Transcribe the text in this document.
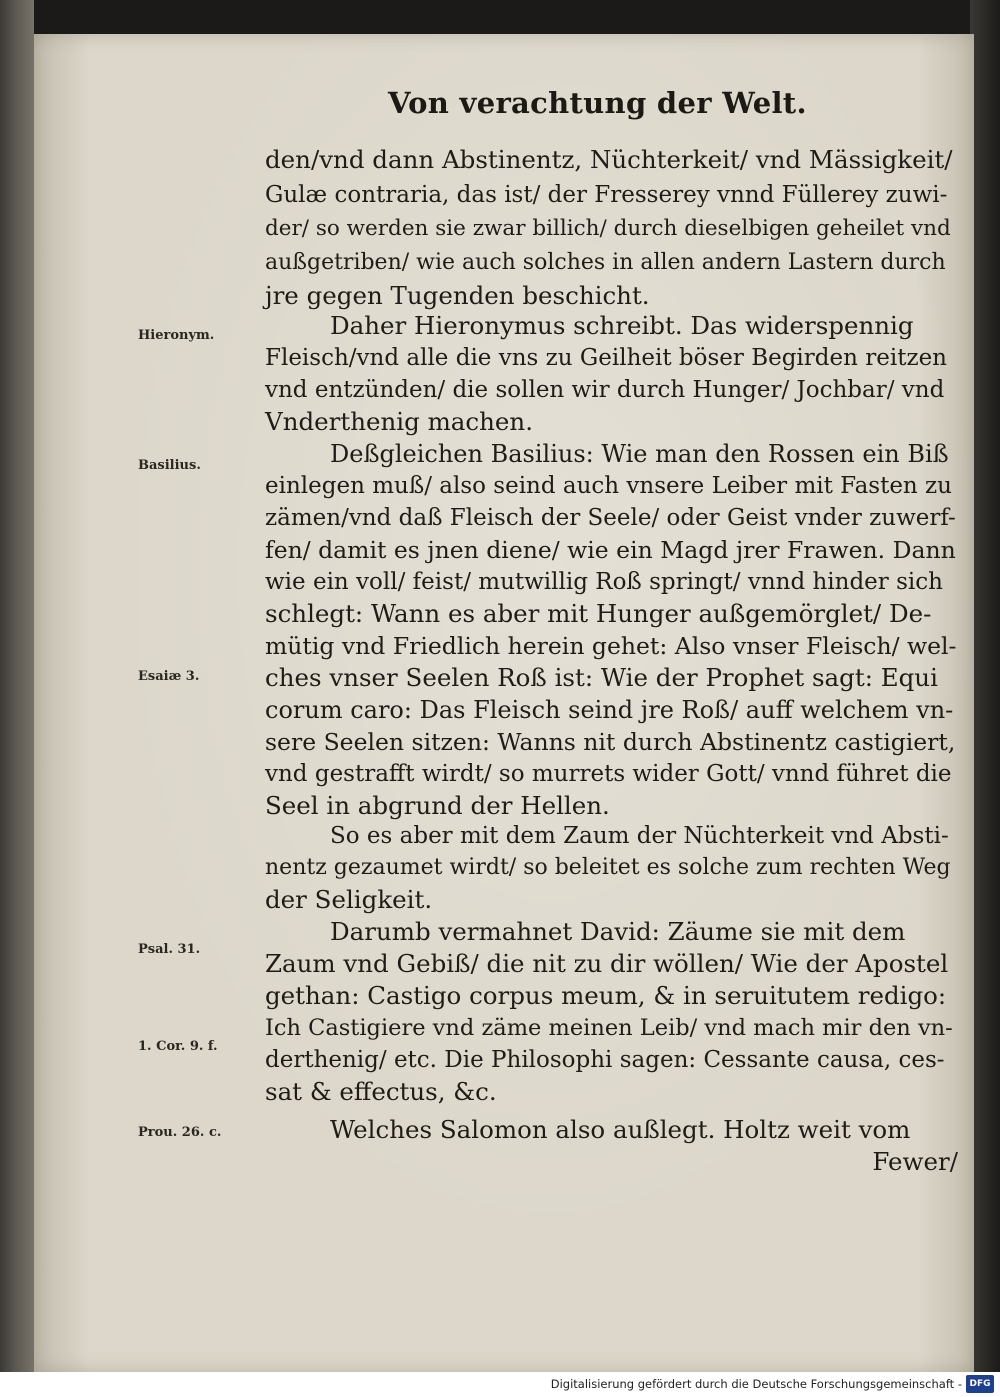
Von verachtung der Welt.
den/vnd dann Abstinentz, Nüchterkeit/ vnd Mässigkeit/
Gulæ contraria, das ist/ der Fresserey vnnd Füllerey zuwi-
der/ so werden sie zwar billich/ durch dieselbigen geheilet vnd
außgetriben/ wie auch solches in allen andern Lastern durch
jre gegen Tugenden beschicht.
Daher Hieronymus schreibt. Das widerspennig
Fleisch/vnd alle die vns zu Geilheit böser Begirden reitzen
vnd entzünden/ die sollen wir durch Hunger/ Jochbar/ vnd
Vnderthenig machen.
Deßgleichen Basilius: Wie man den Rossen ein Biß
einlegen muß/ also seind auch vnsere Leiber mit Fasten zu
zämen/vnd daß Fleisch der Seele/ oder Geist vnder zuwerf-
fen/ damit es jnen diene/ wie ein Magd jrer Frawen. Dann
wie ein voll/ feist/ mutwillig Roß springt/ vnnd hinder sich
schlegt: Wann es aber mit Hunger außgemörglet/ De-
mütig vnd Friedlich herein gehet: Also vnser Fleisch/ wel-
ches vnser Seelen Roß ist: Wie der Prophet sagt: Equi
corum caro: Das Fleisch seind jre Roß/ auff welchem vn-
sere Seelen sitzen: Wanns nit durch Abstinentz castigiert,
vnd gestrafft wirdt/ so murrets wider Gott/ vnnd führet die
Seel in abgrund der Hellen.
So es aber mit dem Zaum der Nüchterkeit vnd Absti-
nentz gezaumet wirdt/ so beleitet es solche zum rechten Weg
der Seligkeit.
Darumb vermahnet David: Zäume sie mit dem
Zaum vnd Gebiß/ die nit zu dir wöllen/ Wie der Apostel
gethan: Castigo corpus meum, & in seruitutem redigo:
Ich Castigiere vnd zäme meinen Leib/ vnd mach mir den vn-
derthenig/ etc. Die Philosophi sagen: Cessante causa, ces-
sat & effectus, &c.
Welches Salomon also außlegt. Holtz weit vom
Fewer/
Hieronym.
Basilius.
Esaiæ 3.
Psal. 31.
1. Cor. 9. f.
Prou. 26. c.
Digitalisierung gefördert durch die Deutsche Forschungsgemeinschaft - DFG
